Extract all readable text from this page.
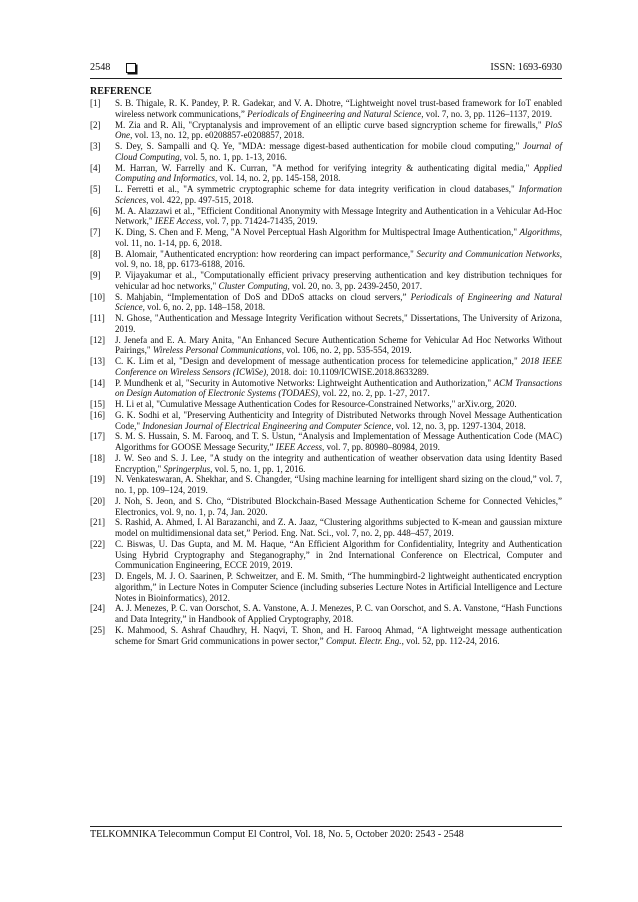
2548	ISSN: 1693-6930
REFERENCE
[1] S. B. Thigale, R. K. Pandey, P. R. Gadekar, and V. A. Dhotre, “Lightweight novel trust-based framework for IoT enabled wireless network communications,” Periodicals of Engineering and Natural Science, vol. 7, no. 3, pp. 1126–1137, 2019.
[2] M. Zia and R. Ali, "Cryptanalysis and improvement of an elliptic curve based signcryption scheme for firewalls," PloS One, vol. 13, no. 12, pp. e0208857-e0208857, 2018.
[3] S. Dey, S. Sampalli and Q. Ye, "MDA: message digest-based authentication for mobile cloud computing," Journal of Cloud Computing, vol. 5, no. 1, pp. 1-13, 2016.
[4] M. Harran, W. Farrelly and K. Curran, "A method for verifying integrity & authenticating digital media," Applied Computing and Informatics, vol. 14, no. 2, pp. 145-158, 2018.
[5] L. Ferretti et al., "A symmetric cryptographic scheme for data integrity verification in cloud databases," Information Sciences, vol. 422, pp. 497-515, 2018.
[6] M. A. Alazzawi et al., "Efficient Conditional Anonymity with Message Integrity and Authentication in a Vehicular Ad-Hoc Network," IEEE Access, vol. 7, pp. 71424-71435, 2019.
[7] K. Ding, S. Chen and F. Meng, "A Novel Perceptual Hash Algorithm for Multispectral Image Authentication," Algorithms, vol. 11, no. 1-14, pp. 6, 2018.
[8] B. Alomair, "Authenticated encryption: how reordering can impact performance," Security and Communication Networks, vol. 9, no. 18, pp. 6173-6188, 2016.
[9] P. Vijayakumar et al., "Computationally efficient privacy preserving authentication and key distribution techniques for vehicular ad hoc networks," Cluster Computing, vol. 20, no. 3, pp. 2439-2450, 2017.
[10] S. Mahjabin, “Implementation of DoS and DDoS attacks on cloud servers,” Periodicals of Engineering and Natural Science, vol. 6, no. 2, pp. 148–158, 2018.
[11] N. Ghose, "Authentication and Message Integrity Verification without Secrets," Dissertations, The University of Arizona, 2019.
[12] J. Jenefa and E. A. Mary Anita, "An Enhanced Secure Authentication Scheme for Vehicular Ad Hoc Networks Without Pairings," Wireless Personal Communications, vol. 106, no. 2, pp. 535-554, 2019.
[13] C. K. Lim et al, "Design and development of message authentication process for telemedicine application," 2018 IEEE Conference on Wireless Sensors (ICWiSe), 2018. doi: 10.1109/ICWISE.2018.8633289.
[14] P. Mundhenk et al, "Security in Automotive Networks: Lightweight Authentication and Authorization," ACM Transactions on Design Automation of Electronic Systems (TODAES), vol. 22, no. 2, pp. 1-27, 2017.
[15] H. Li et al, "Cumulative Message Authentication Codes for Resource-Constrained Networks," arXiv.org, 2020.
[16] G. K. Sodhi et al, "Preserving Authenticity and Integrity of Distributed Networks through Novel Message Authentication Code," Indonesian Journal of Electrical Engineering and Computer Science, vol. 12, no. 3, pp. 1297-1304, 2018.
[17] S. M. S. Hussain, S. M. Farooq, and T. S. Ustun, “Analysis and Implementation of Message Authentication Code (MAC) Algorithms for GOOSE Message Security,” IEEE Access, vol. 7, pp. 80980–80984, 2019.
[18] J. W. Seo and S. J. Lee, "A study on the integrity and authentication of weather observation data using Identity Based Encryption," Springerplus, vol. 5, no. 1, pp. 1, 2016.
[19] N. Venkateswaran, A. Shekhar, and S. Changder, “Using machine learning for intelligent shard sizing on the cloud,” vol. 7, no. 1, pp. 109–124, 2019.
[20] J. Noh, S. Jeon, and S. Cho, “Distributed Blockchain-Based Message Authentication Scheme for Connected Vehicles,” Electronics, vol. 9, no. 1, p. 74, Jan. 2020.
[21] S. Rashid, A. Ahmed, I. Al Barazanchi, and Z. A. Jaaz, “Clustering algorithms subjected to K-mean and gaussian mixture model on multidimensional data set,” Period. Eng. Nat. Sci., vol. 7, no. 2, pp. 448–457, 2019.
[22] C. Biswas, U. Das Gupta, and M. M. Haque, “An Efficient Algorithm for Confidentiality, Integrity and Authentication Using Hybrid Cryptography and Steganography,” in 2nd International Conference on Electrical, Computer and Communication Engineering, ECCE 2019, 2019.
[23] D. Engels, M. J. O. Saarinen, P. Schweitzer, and E. M. Smith, “The hummingbird-2 lightweight authenticated encryption algorithm,” in Lecture Notes in Computer Science (including subseries Lecture Notes in Artificial Intelligence and Lecture Notes in Bioinformatics), 2012.
[24] A. J. Menezes, P. C. van Oorschot, S. A. Vanstone, A. J. Menezes, P. C. van Oorschot, and S. A. Vanstone, “Hash Functions and Data Integrity,” in Handbook of Applied Cryptography, 2018.
[25] K. Mahmood, S. Ashraf Chaudhry, H. Naqvi, T. Shon, and H. Farooq Ahmad, “A lightweight message authentication scheme for Smart Grid communications in power sector,” Comput. Electr. Eng., vol. 52, pp. 112-24, 2016.
TELKOMNIKA Telecommun Comput El Control, Vol. 18, No. 5, October 2020: 2543 - 2548
